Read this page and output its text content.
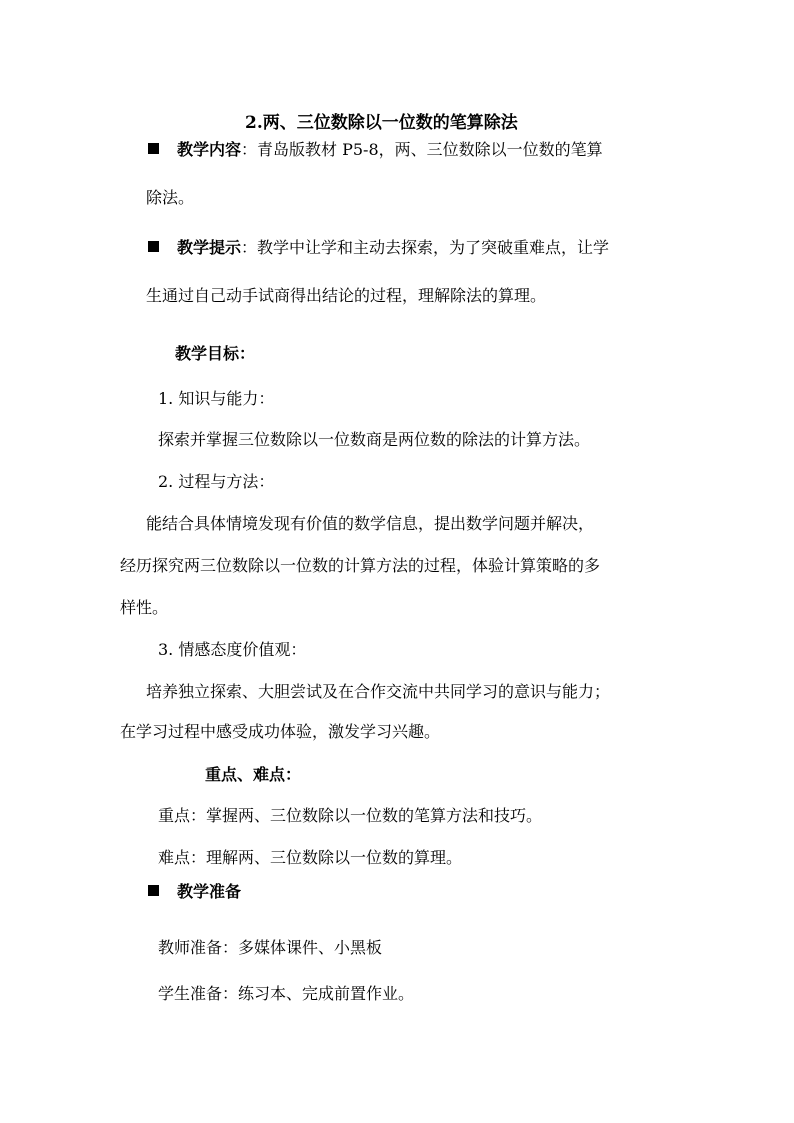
2.两、三位数除以一位数的笔算除法
教学内容：青岛版教材 P5-8，两、三位数除以一位数的笔算
除法。
教学提示：教学中让学和主动去探索，为了突破重难点，让学
生通过自己动手试商得出结论的过程，理解除法的算理。
教学目标：
1. 知识与能力：
探索并掌握三位数除以一位数商是两位数的除法的计算方法。
2. 过程与方法：
能结合具体情境发现有价值的数学信息，提出数学问题并解决，
经历探究两三位数除以一位数的计算方法的过程，体验计算策略的多
样性。
3. 情感态度价值观：
培养独立探索、大胆尝试及在合作交流中共同学习的意识与能力；
在学习过程中感受成功体验，激发学习兴趣。
重点、难点：
重点：掌握两、三位数除以一位数的笔算方法和技巧。
难点：理解两、三位数除以一位数的算理。
教学准备
教师准备：多媒体课件、小黑板
学生准备：练习本、完成前置作业。
